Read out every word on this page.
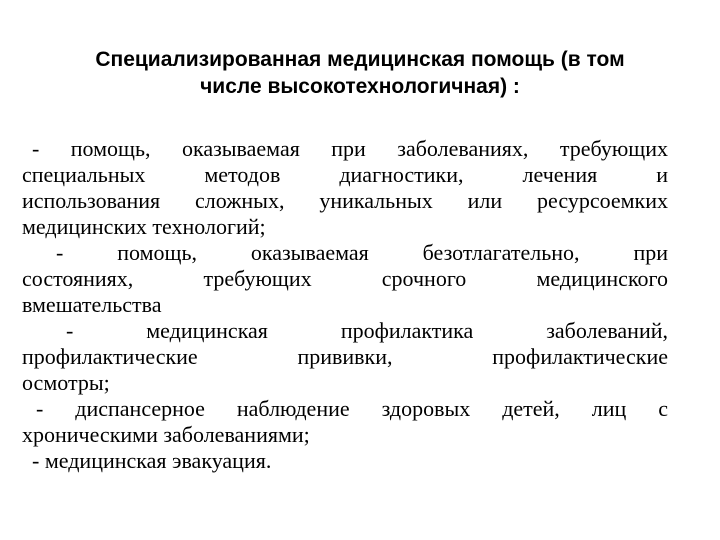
Специализированная медицинская помощь (в том
числе высокотехнологичная) :
- помощь, оказываемая при заболеваниях, требующих
специальных методов диагностики, лечения и
использования сложных, уникальных или ресурсоемких
медицинских технологий;
- помощь, оказываемая безотлагательно, при
состояниях, требующих срочного медицинского
вмешательства
- медицинская профилактика заболеваний,
профилактические прививки, профилактические
осмотры;
- диспансерное наблюдение здоровых детей, лиц с
хроническими заболеваниями;
- медицинская эвакуация.
